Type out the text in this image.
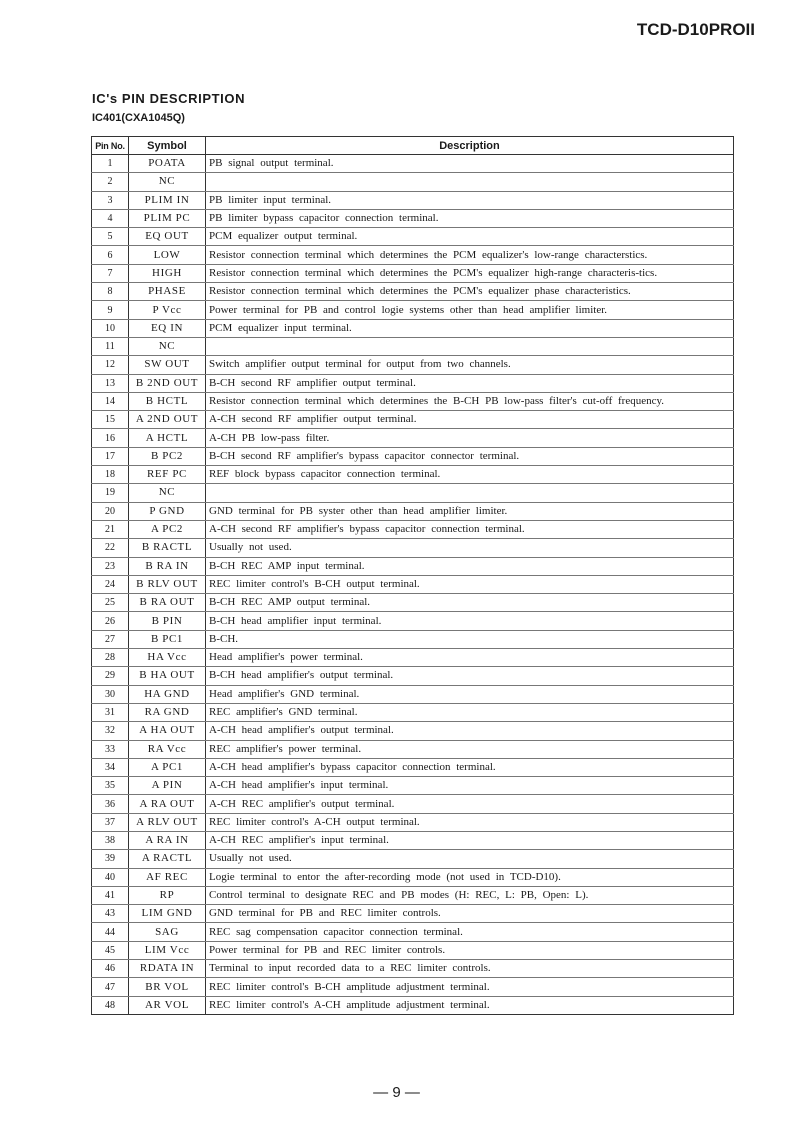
TCD-D10PROII
IC's PIN DESCRIPTION
IC401(CXA1045Q)
Pin No.	Symbol	Description
1	POATA	PB signal output terminal.
2	NC	
3	PLIM IN	PB limiter input terminal.
4	PLIM PC	PB limiter bypass capacitor connection terminal.
5	EQ OUT	PCM equalizer output terminal.
6	LOW	Resistor connection terminal which determines the PCM equalizer's low-range characterstics.
7	HIGH	Resistor connection terminal which determines the PCM's equalizer high-range characteris-tics.
8	PHASE	Resistor connection terminal which determines the PCM's equalizer phase characteristics.
9	P Vcc	Power terminal for PB and control logie systems other than head amplifier limiter.
10	EQ IN	PCM equalizer input terminal.
11	NC	
12	SW OUT	Switch amplifier output terminal for output from two channels.
13	B 2ND OUT	B-CH second RF amplifier output terminal.
14	B HCTL	Resistor connection terminal which determines the B-CH PB low-pass filter's cut-off frequency.
15	A 2ND OUT	A-CH second RF amplifier output terminal.
16	A HCTL	A-CH PB low-pass filter.
17	B PC2	B-CH second RF amplifier's bypass capacitor connector terminal.
18	REF PC	REF block bypass capacitor connection terminal.
19	NC	
20	P GND	GND terminal for PB syster other than head amplifier limiter.
21	A PC2	A-CH second RF amplifier's bypass capacitor connection terminal.
22	B RACTL	Usually not used.
23	B RA IN	B-CH REC AMP input terminal.
24	B RLV OUT	REC limiter control's B-CH output terminal.
25	B RA OUT	B-CH REC AMP output terminal.
26	B PIN	B-CH head amplifier input terminal.
27	B PC1	B-CH.
28	HA Vcc	Head amplifier's power terminal.
29	B HA OUT	B-CH head amplifier's output terminal.
30	HA GND	Head amplifier's GND terminal.
31	RA GND	REC amplifier's GND terminal.
32	A HA OUT	A-CH head amplifier's output terminal.
33	RA Vcc	REC amplifier's power terminal.
34	A PC1	A-CH head amplifier's bypass capacitor connection terminal.
35	A PIN	A-CH head amplifier's input terminal.
36	A RA OUT	A-CH REC amplifier's output terminal.
37	A RLV OUT	REC limiter control's A-CH output terminal.
38	A RA IN	A-CH REC amplifier's input terminal.
39	A RACTL	Usually not used.
40	AF REC	Logie terminal to entor the after-recording mode (not used in TCD-D10).
41	RP	Control terminal to designate REC and PB modes (H: REC, L: PB, Open: L).
43	LIM GND	GND terminal for PB and REC limiter controls.
44	SAG	REC sag compensation capacitor connection terminal.
45	LIM Vcc	Power terminal for PB and REC limiter controls.
46	RDATA IN	Terminal to input recorded data to a REC limiter controls.
47	BR VOL	REC limiter control's B-CH amplitude adjustment terminal.
48	AR VOL	REC limiter control's A-CH amplitude adjustment terminal.
— 9 —
